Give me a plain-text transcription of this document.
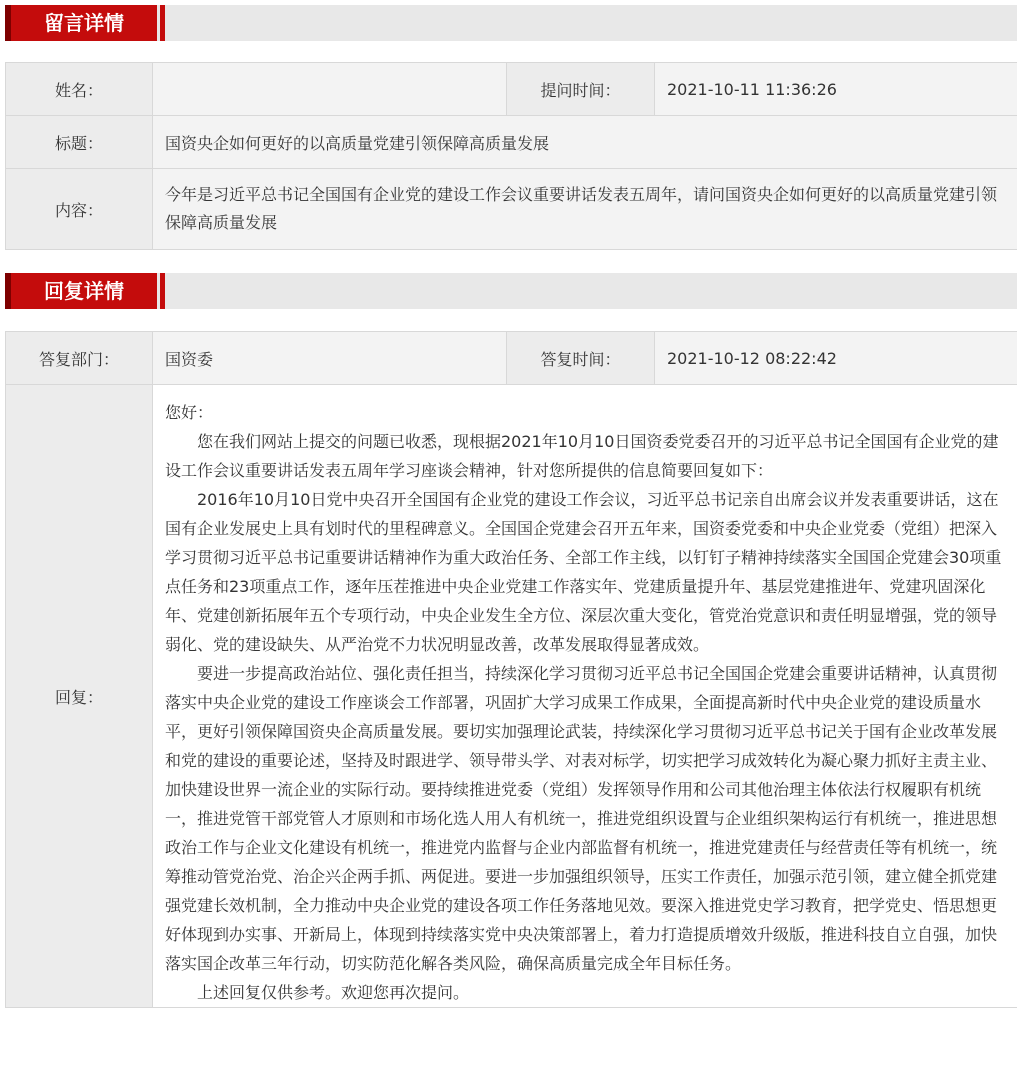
留言详情
姓名：		提问时间：	2021-10-11 11:36:26
标题：	国资央企如何更好的以高质量党建引领保障高质量发展		
内容：	今年是习近平总书记全国国有企业党的建设工作会议重要讲话发表五周年，请问国资央企如何更好的以高质量党建引领保障高质量发展		
回复详情
答复部门：	国资委	答复时间：	2021-10-12 08:22:42
回复：	您好：

您在我们网站上提交的问题已收悉，现根据2021年10月10日国资委党委召开的习近平总书记全国国有企业党的建设工作会议重要讲话发表五周年学习座谈会精神，针对您所提供的信息简要回复如下：

2016年10月10日党中央召开全国国有企业党的建设工作会议，习近平总书记亲自出席会议并发表重要讲话，这在国有企业发展史上具有划时代的里程碑意义。全国国企党建会召开五年来，国资委党委和中央企业党委（党组）把深入学习贯彻习近平总书记重要讲话精神作为重大政治任务、全部工作主线，以钉钉子精神持续落实全国国企党建会30项重点任务和23项重点工作，逐年压茬推进中央企业党建工作落实年、党建质量提升年、基层党建推进年、党建巩固深化年、党建创新拓展年五个专项行动，中央企业发生全方位、深层次重大变化，管党治党意识和责任明显增强，党的领导弱化、党的建设缺失、从严治党不力状况明显改善，改革发展取得显著成效。

要进一步提高政治站位、强化责任担当，持续深化学习贯彻习近平总书记全国国企党建会重要讲话精神，认真贯彻落实中央企业党的建设工作座谈会工作部署，巩固扩大学习成果工作成果，全面提高新时代中央企业党的建设质量水平，更好引领保障国资央企高质量发展。要切实加强理论武装，持续深化学习贯彻习近平总书记关于国有企业改革发展和党的建设的重要论述，坚持及时跟进学、领导带头学、对表对标学，切实把学习成效转化为凝心聚力抓好主责主业、加快建设世界一流企业的实际行动。要持续推进党委（党组）发挥领导作用和公司其他治理主体依法行权履职有机统一，推进党管干部党管人才原则和市场化选人用人有机统一，推进党组织设置与企业组织架构运行有机统一，推进思想政治工作与企业文化建设有机统一，推进党内监督与企业内部监督有机统一，推进党建责任与经营责任等有机统一，统筹推动管党治党、治企兴企两手抓、两促进。要进一步加强组织领导，压实工作责任，加强示范引领，建立健全抓党建强党建长效机制，全力推动中央企业党的建设各项工作任务落地见效。要深入推进党史学习教育，把学党史、悟思想更好体现到办实事、开新局上，体现到持续落实党中央决策部署上，着力打造提质增效升级版，推进科技自立自强，加快落实国企改革三年行动，切实防范化解各类风险，确保高质量完成全年目标任务。

上述回复仅供参考。欢迎您再次提问。		
